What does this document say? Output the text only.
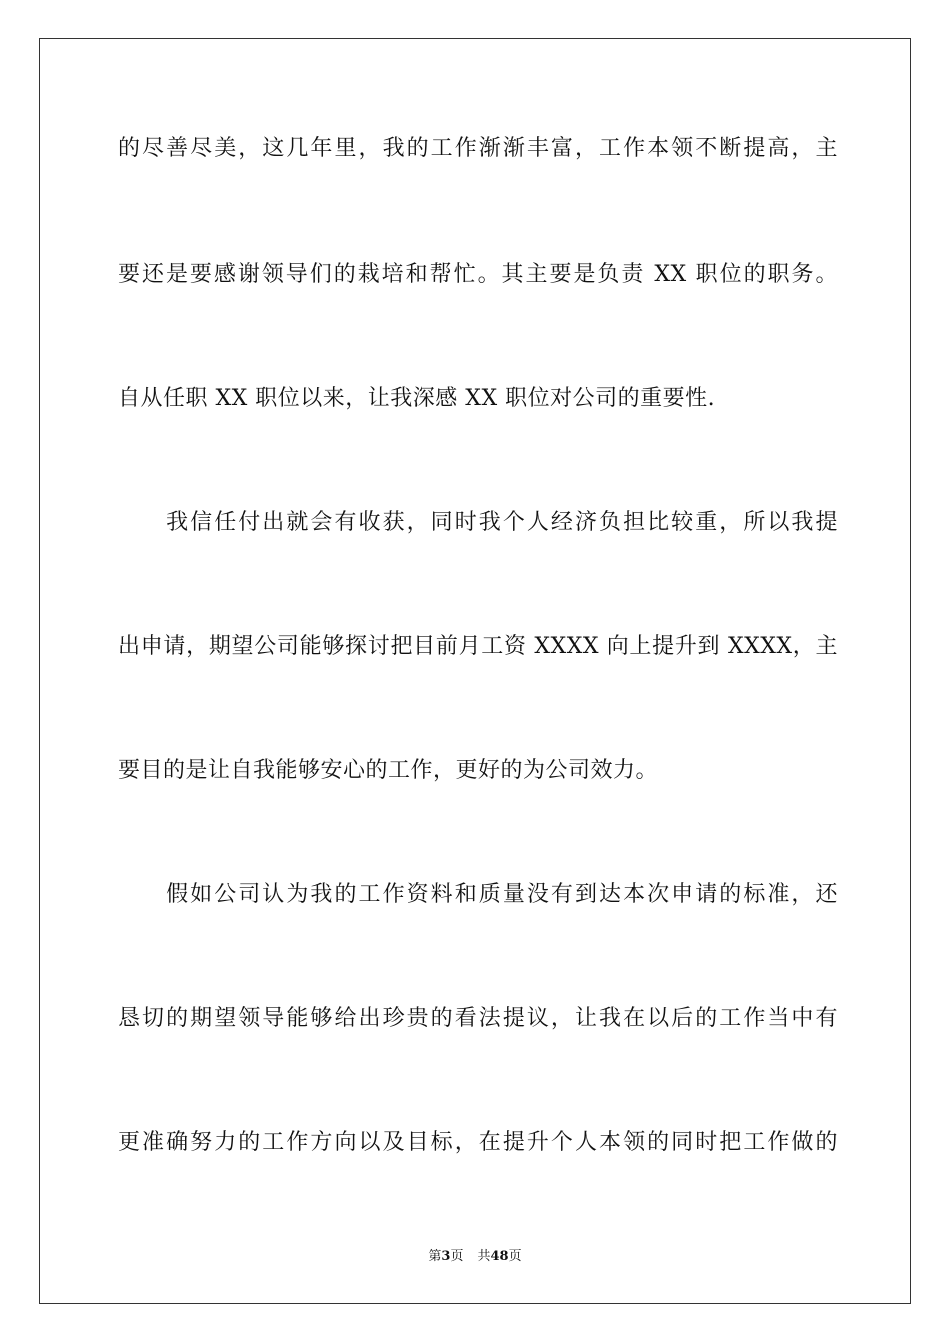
的尽善尽美，这几年里，我的工作渐渐丰富，工作本领不断提高，主
要还是要感谢领导们的栽培和帮忙。其主要是负责 XX 职位的职务。
自从任职 XX 职位以来，让我深感 XX 职位对公司的重要性.
　　我信任付出就会有收获，同时我个人经济负担比较重，所以我提
出申请，期望公司能够探讨把目前月工资 XXXX 向上提升到 XXXX，主
要目的是让自我能够安心的工作，更好的为公司效力。
　　假如公司认为我的工作资料和质量没有到达本次申请的标准，还
恳切的期望领导能够给出珍贵的看法提议，让我在以后的工作当中有
更准确努力的工作方向以及目标，在提升个人本领的同时把工作做的
第3页 共48页
